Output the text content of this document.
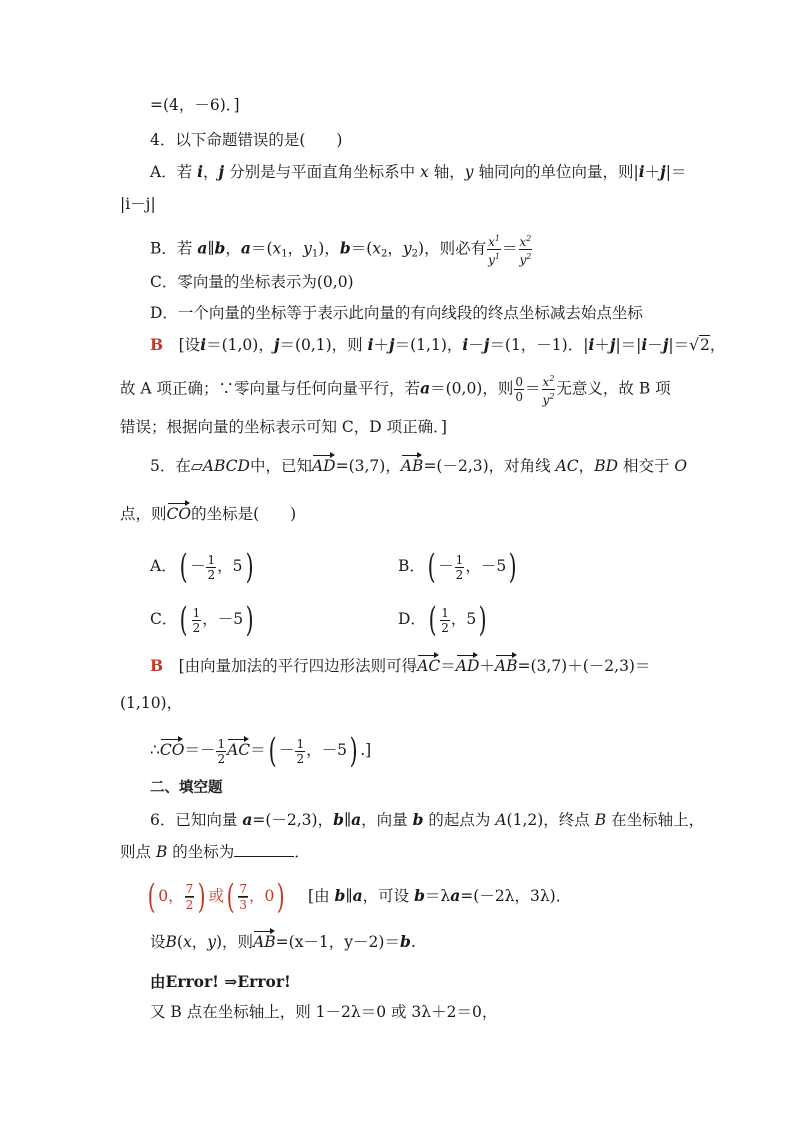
=(4，－6)．]
4．以下命题错误的是(　　)
A．若 i，j 分别是与平面直角坐标系中 x 轴，y 轴同向的单位向量，则|i＋j|＝
|i－j|
B．若 a∥b，$a=(x_1$，$y_1$)，$b=(x_2$，$y_2$)，则必有 $\frac{x^1}{y^1} = \frac{x^2}{y^2}$
C．零向量的坐标表示为(0,0)
D．一个向量的坐标等于表示此向量的有向线段的终点坐标减去始点坐标
B　 [设i＝(1,0)，j＝(0,1)，则 i＋j＝(1,1)，i－j＝(1，－1)．|i＋j|＝|i－j|＝√2，
故 A 项正确；∵零向量与任何向量平行，若a＝(0,0)，则 $\frac{0}{0} = \frac{x^2}{y^2}$ 无意义，故 B 项
错误；根据向量的坐标表示可知 C，D 项正确．]
5．在▱ABCD中，已知AD=(3,7)，AB=(－2,3)，对角线 AC，BD 相交于 O
点，则CO的坐标是(　　)
A．( － $\frac{1}{2}$ ，5)	B．( － $\frac{1}{2}$ ，－5)
C．( $\frac{1}{2}$ ，－5)	D．( $\frac{1}{2}$ ，5)
B　 [由向量加法的平行四边形法则可得AC＝AD＋AB=(3,7)＋(－2,3)＝
(1,10)，
∴CO＝－ $\frac{1}{2} AC=( - \frac{1}{2}$ ，－5) .]
二、填空题
6．已知向量 a=(－2,3)，b∥a，向量 b 的起点为 A(1,2)，终点 B 在坐标轴上，
则点 B 的坐标为	．
( 0， $\frac{7}{2}$ ) 或( $\frac{7}{3}$ ，0) 　 [由 b∥a，可设 b＝λa=(－2λ，3λ)．
设B(x，y)，则AB=(x－1，y－2)＝b.
由Error! ⇒Error!
又 B 点在坐标轴上，则 1－2λ＝0 或 3λ＋2＝0，
